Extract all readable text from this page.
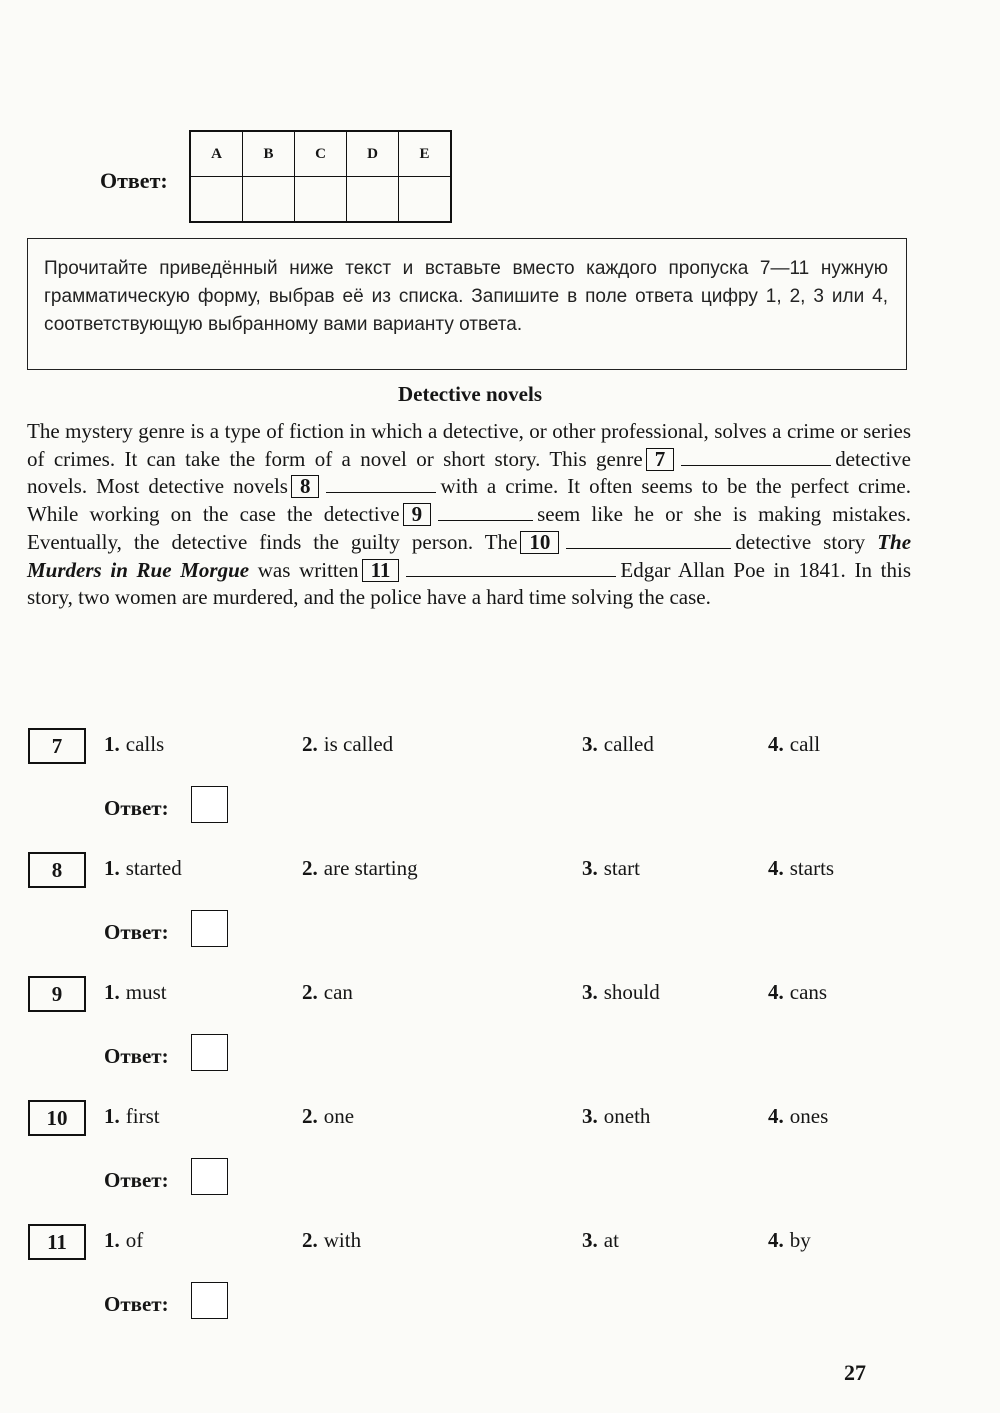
Ответ:
A	B	C	D	E

Прочитайте приведённый ниже текст и вставьте вместо каждого пропуска 7—11 нужную грамматическую форму, выбрав её из списка. Запишите в поле ответа цифру 1, 2, 3 или 4, соответствующую выбранному вами варианту ответа.

Detective novels

The mystery genre is a type of fiction in which a detective, or other professional, solves a crime or series of crimes. It can take the form of a novel or short story. This genre 7	detective novels. Most detective novels 8	with a crime. It often seems to be the perfect crime. While working on the case the detective 9	seem like he or she is making mistakes. Eventually, the detective finds the guilty person. The 10	detective story The Murders in Rue Morgue was written 11	Edgar Allan Poe in 1841. In this story, two women are murdered, and the police have a hard time solving the case.

7	1. calls	2. is called	3. called	4. call
Ответ:
8	1. started	2. are starting	3. start	4. starts
Ответ:
9	1. must	2. can	3. should	4. cans
Ответ:
10	1. first	2. one	3. oneth	4. ones
Ответ:
11	1. of	2. with	3. at	4. by
Ответ:
27
